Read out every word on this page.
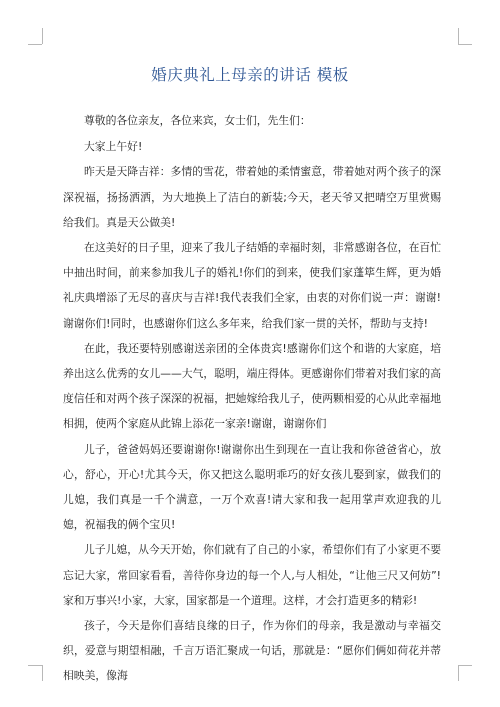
婚庆典礼上母亲的讲话 模板

尊敬的各位亲友，各位来宾，女士们，先生们：

大家上午好!

昨天是天降吉祥：多情的雪花，带着她的柔情蜜意，带着她对两个孩子的深深祝福，扬扬洒洒，为大地换上了洁白的新装;今天，老天爷又把晴空万里赏赐给我们。真是天公做美!

在这美好的日子里，迎来了我儿子结婚的幸福时刻，非常感谢各位，在百忙中抽出时间，前来参加我儿子的婚礼!你们的到来，使我们家蓬筚生辉，更为婚礼庆典增添了无尽的喜庆与吉祥!我代表我们全家，由衷的对你们说一声：谢谢!谢谢你们!同时，也感谢你们这么多年来，给我们家一贯的关怀，帮助与支持!

在此，我还要特别感谢送亲团的全体贵宾!感谢你们这个和谐的大家庭，培养出这么优秀的女儿——大气，聪明，端庄得体。更感谢你们带着对我们家的高度信任和对两个孩子深深的祝福，把她嫁给我儿子，使两颗相爱的心从此幸福地相拥，使两个家庭从此锦上添花一家亲!谢谢，谢谢你们

儿子，爸爸妈妈还要谢谢你!谢谢你出生到现在一直让我和你爸爸省心，放心，舒心，开心!尤其今天，你又把这么聪明乖巧的好女孩儿娶到家，做我们的儿媳，我们真是一千个满意，一万个欢喜!请大家和我一起用掌声欢迎我的儿媳，祝福我的俩个宝贝!

儿子儿媳，从今天开始，你们就有了自己的小家，希望你们有了小家更不要忘记大家，常回家看看，善待你身边的每一个人,与人相处，“让他三尺又何妨”!家和万事兴!小家，大家，国家都是一个道理。这样，才会打造更多的精彩!

孩子，今天是你们喜结良缘的日子，作为你们的母亲，我是激动与幸福交织，爱意与期望相融，千言万语汇聚成一句话，那就是：“愿你们俩如荷花并蒂相映美，像海
